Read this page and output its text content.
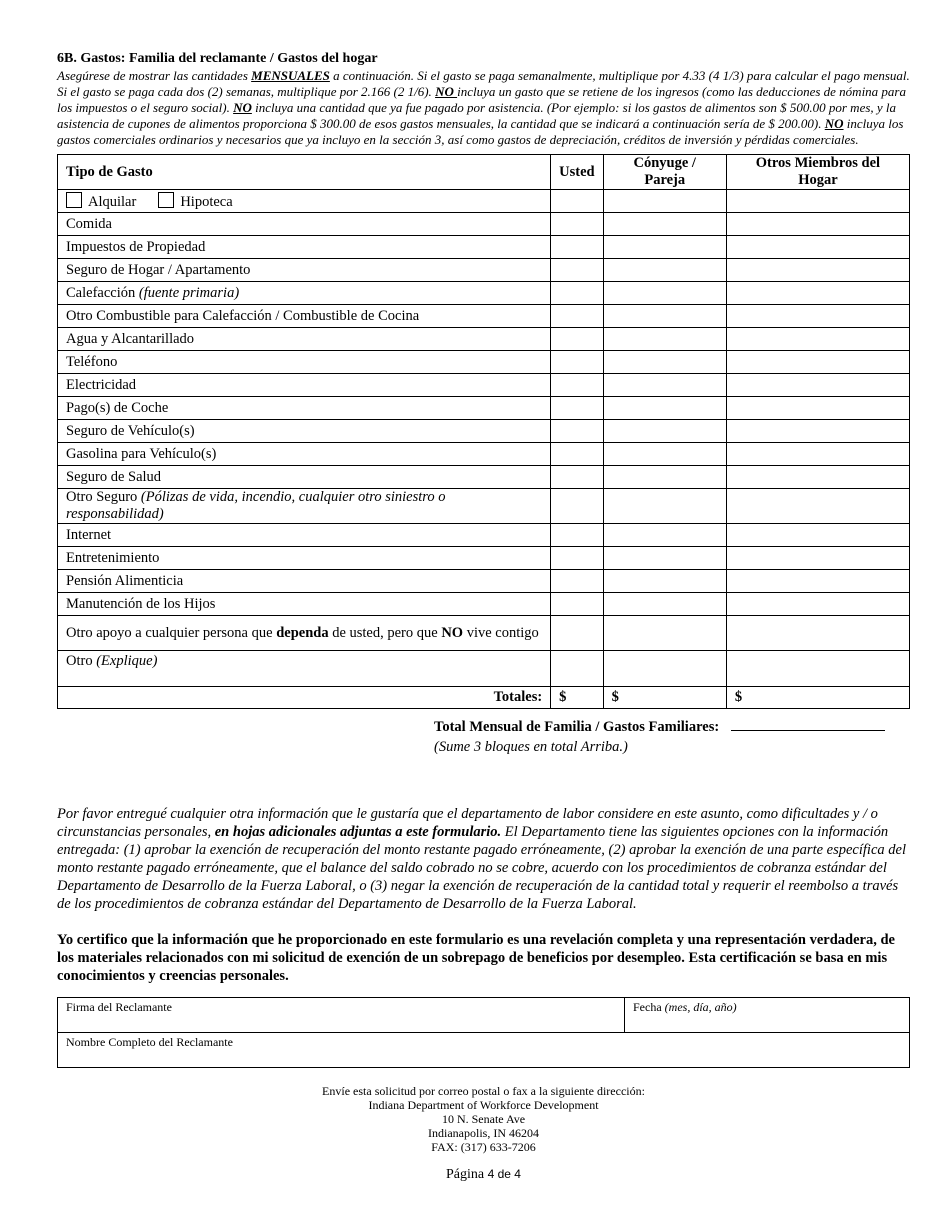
6B. Gastos: Familia del reclamante / Gastos del hogar

Asegúrese de mostrar las cantidades MENSUALES a continuación. Si el gasto se paga semanalmente, multiplique por 4.33 (4 1/3) para calcular el pago mensual. Si el gasto se paga cada dos (2) semanas, multiplique por 2.166 (2 1/6). NO incluya un gasto que se retiene de los ingresos (como las deducciones de nómina para los impuestos o el seguro social). NO incluya una cantidad que ya fue pagado por asistencia. (Por ejemplo: si los gastos de alimentos son $ 500.00 por mes, y la asistencia de cupones de alimentos proporciona $ 300.00 de esos gastos mensuales, la cantidad que se indicará a continuación sería de $ 200.00). NO incluya los gastos comerciales ordinarios y necesarios que ya incluyo en la sección 3, así como gastos de depreciación, créditos de inversión y pérdidas comerciales.

Tipo de Gasto	Usted	Cónyuge / Pareja	Otros Miembros del Hogar
Alquilar Hipoteca			
Comida			
Impuestos de Propiedad			
Seguro de Hogar / Apartamento			
Calefacción (fuente primaria)			
Otro Combustible para Calefacción / Combustible de Cocina			
Agua y Alcantarillado			
Teléfono			
Electricidad			
Pago(s) de Coche			
Seguro de Vehículo(s)			
Gasolina para Vehículo(s)			
Seguro de Salud			
Otro Seguro (Pólizas de vida, incendio, cualquier otro siniestro o responsabilidad)			
Internet			
Entretenimiento			
Pensión Alimenticia			
Manutención de los Hijos			
Otro apoyo a cualquier persona que dependa de usted, pero que NO vive contigo			
Otro (Explique)			
Totales:	$	$	$
Total Mensual de Familia / Gastos Familiares:
(Sume 3 bloques en total Arriba.)

Por favor entregué cualquier otra información que le gustaría que el departamento de labor considere en este asunto, como dificultades y / o circunstancias personales, en hojas adicionales adjuntas a este formulario. El Departamento tiene las siguientes opciones con la información entregada: (1) aprobar la exención de recuperación del monto restante pagado erróneamente, (2) aprobar la exención de una parte específica del monto restante pagado erróneamente, que el balance del saldo cobrado no se cobre, acuerdo con los procedimientos de cobranza estándar del Departamento de Desarrollo de la Fuerza Laboral, o (3) negar la exención de recuperación de la cantidad total y requerir el reembolso a través de los procedimientos de cobranza estándar del Departamento de Desarrollo de la Fuerza Laboral.

Yo certifico que la información que he proporcionado en este formulario es una revelación completa y una representación verdadera, de los materiales relacionados con mi solicitud de exención de un sobrepago de beneficios por desempleo. Esta certificación se basa en mis conocimientos y creencias personales.

Firma del Reclamante	Fecha (mes, día, año)
Nombre Completo del Reclamante
Envíe esta solicitud por correo postal o fax a la siguiente dirección:
Indiana Department of Workforce Development
10 N. Senate Ave
Indianapolis, IN 46204
FAX: (317) 633-7206
Página 4 de 4
